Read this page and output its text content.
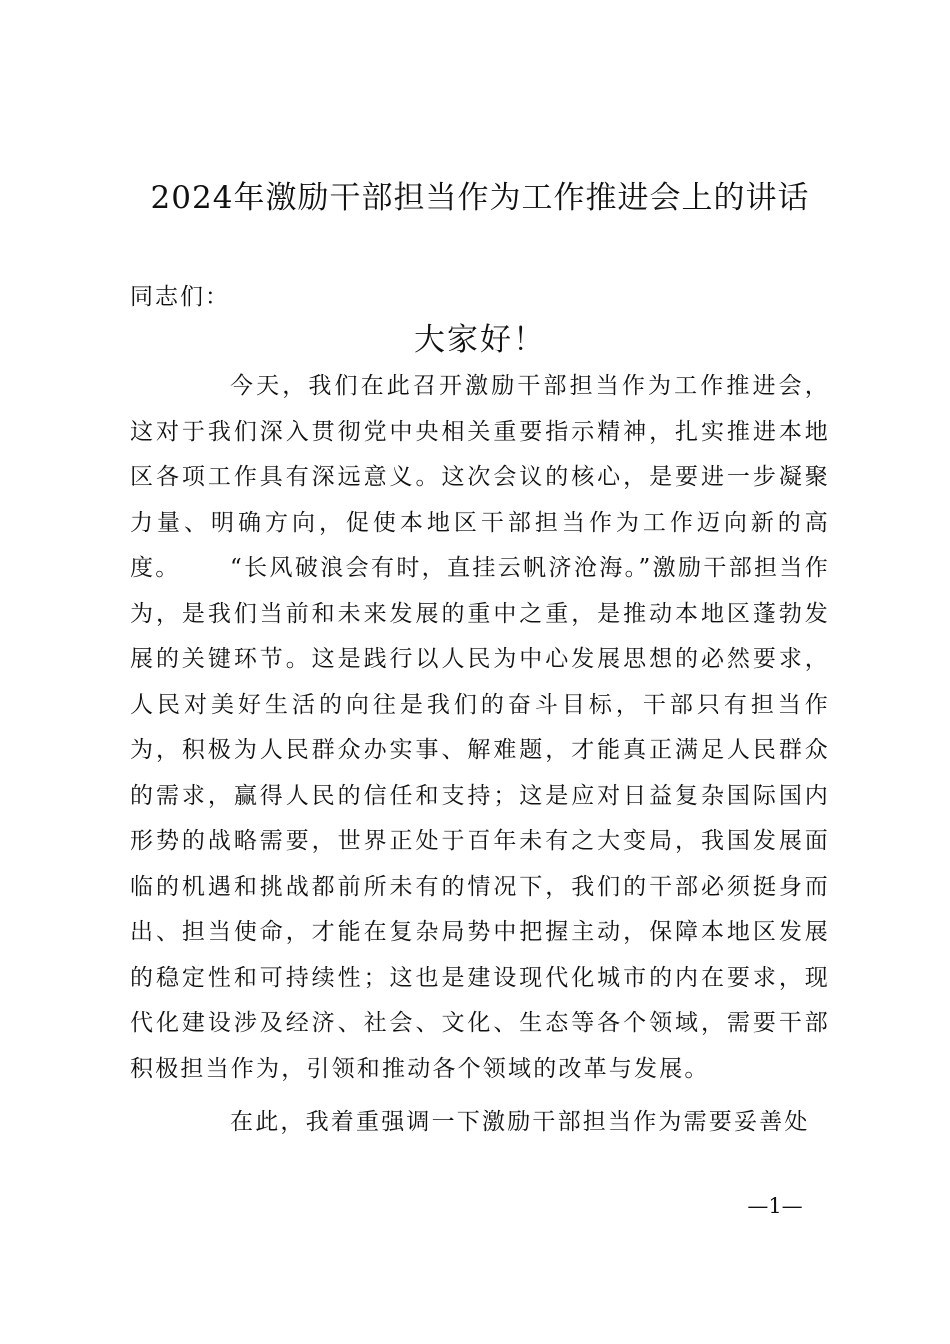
2024年激励干部担当作为工作推进会上的讲话

同志们：

大家好！

今天，我们在此召开激励干部担当作为工作推进会，这对于我们深入贯彻党中央相关重要指示精神，扎实推进本地区各项工作具有深远意义。这次会议的核心，是要进一步凝聚力量、明确方向，促使本地区干部担当作为工作迈向新的高度。	“长风破浪会有时，直挂云帆济沧海。”激励干部担当作为，是我们当前和未来发展的重中之重，是推动本地区蓬勃发展的关键环节。这是践行以人民为中心发展思想的必然要求，人民对美好生活的向往是我们的奋斗目标，干部只有担当作为，积极为人民群众办实事、解难题，才能真正满足人民群众的需求，赢得人民的信任和支持；这是应对日益复杂国际国内形势的战略需要，世界正处于百年未有之大变局，我国发展面临的机遇和挑战都前所未有的情况下，我们的干部必须挺身而出、担当使命，才能在复杂局势中把握主动，保障本地区发展的稳定性和可持续性；这也是建设现代化城市的内在要求，现代化建设涉及经济、社会、文化、生态等各个领域，需要干部积极担当作为，引领和推动各个领域的改革与发展。

在此，我着重强调一下激励干部担当作为需要妥善处

—1—
